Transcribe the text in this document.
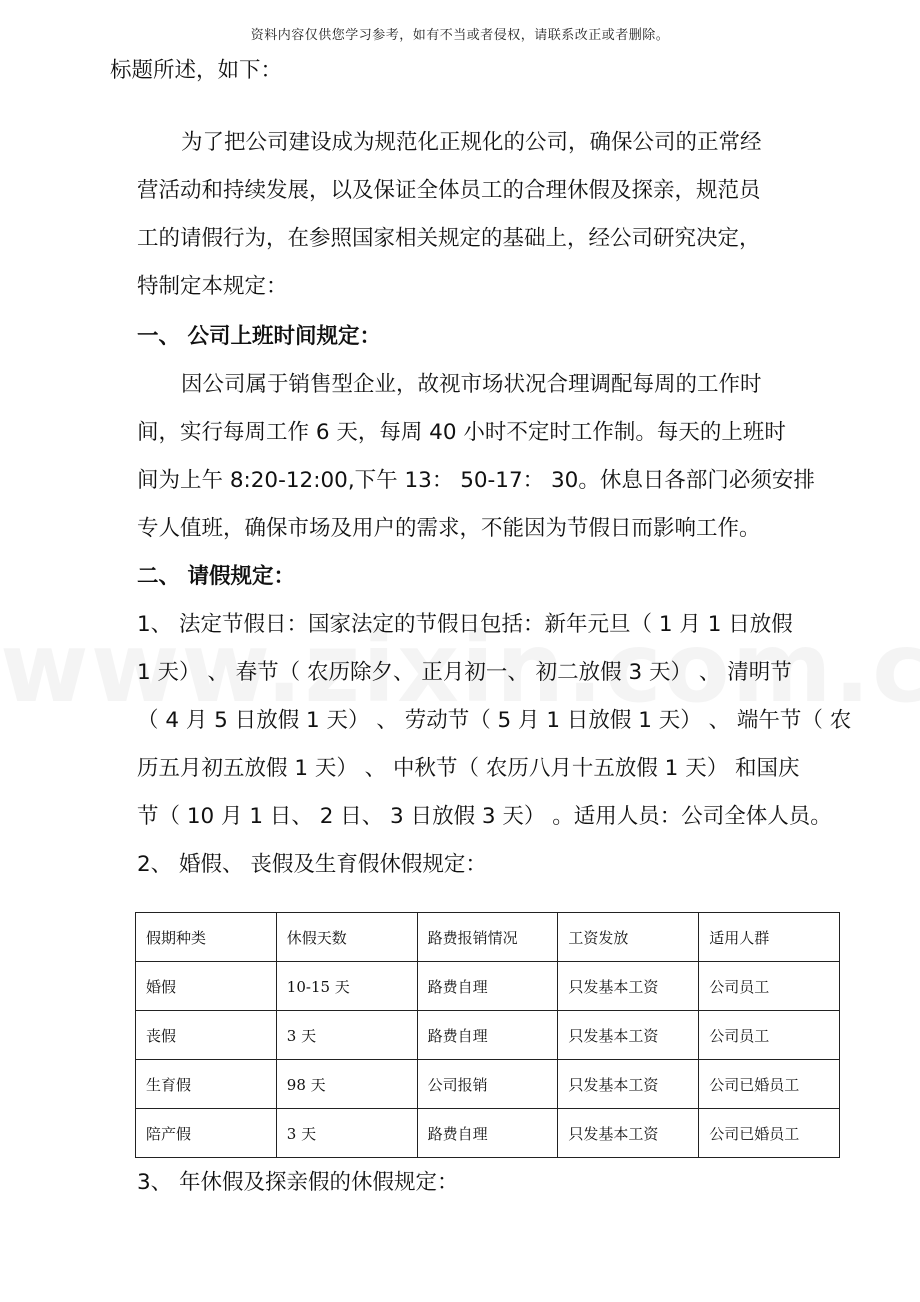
资料内容仅供您学习参考，如有不当或者侵权，请联系改正或者删除。
标题所述，如下：
为了把公司建设成为规范化正规化的公司，确保公司的正常经
营活动和持续发展，以及保证全体员工的合理休假及探亲，规范员
工的请假行为，在参照国家相关规定的基础上，经公司研究决定，
特制定本规定：
一、 公司上班时间规定：
因公司属于销售型企业，故视市场状况合理调配每周的工作时
间，实行每周工作 6 天，每周 40 小时不定时工作制。每天的上班时
间为上午 8:20-12:00,下午 13： 50-17： 30。休息日各部门必须安排
专人值班，确保市场及用户的需求，不能因为节假日而影响工作。
二、 请假规定：
1、 法定节假日：国家法定的节假日包括：新年元旦（ 1 月 1 日放假
1 天） 、 春节（ 农历除夕、 正月初一、 初二放假 3 天） 、 清明节
（ 4 月 5 日放假 1 天） 、 劳动节（ 5 月 1 日放假 1 天） 、 端午节（ 农
历五月初五放假 1 天） 、 中秋节（ 农历八月十五放假 1 天） 和国庆
节（ 10 月 1 日、 2 日、 3 日放假 3 天） 。适用人员：公司全体人员。
2、 婚假、 丧假及生育假休假规定：
假期种类	休假天数	路费报销情况	工资发放	适用人群
婚假	10-15 天	路费自理	只发基本工资	公司员工
丧假	3 天	路费自理	只发基本工资	公司员工
生育假	98 天	公司报销	只发基本工资	公司已婚员工
陪产假	3 天	路费自理	只发基本工资	公司已婚员工
3、 年休假及探亲假的休假规定：
